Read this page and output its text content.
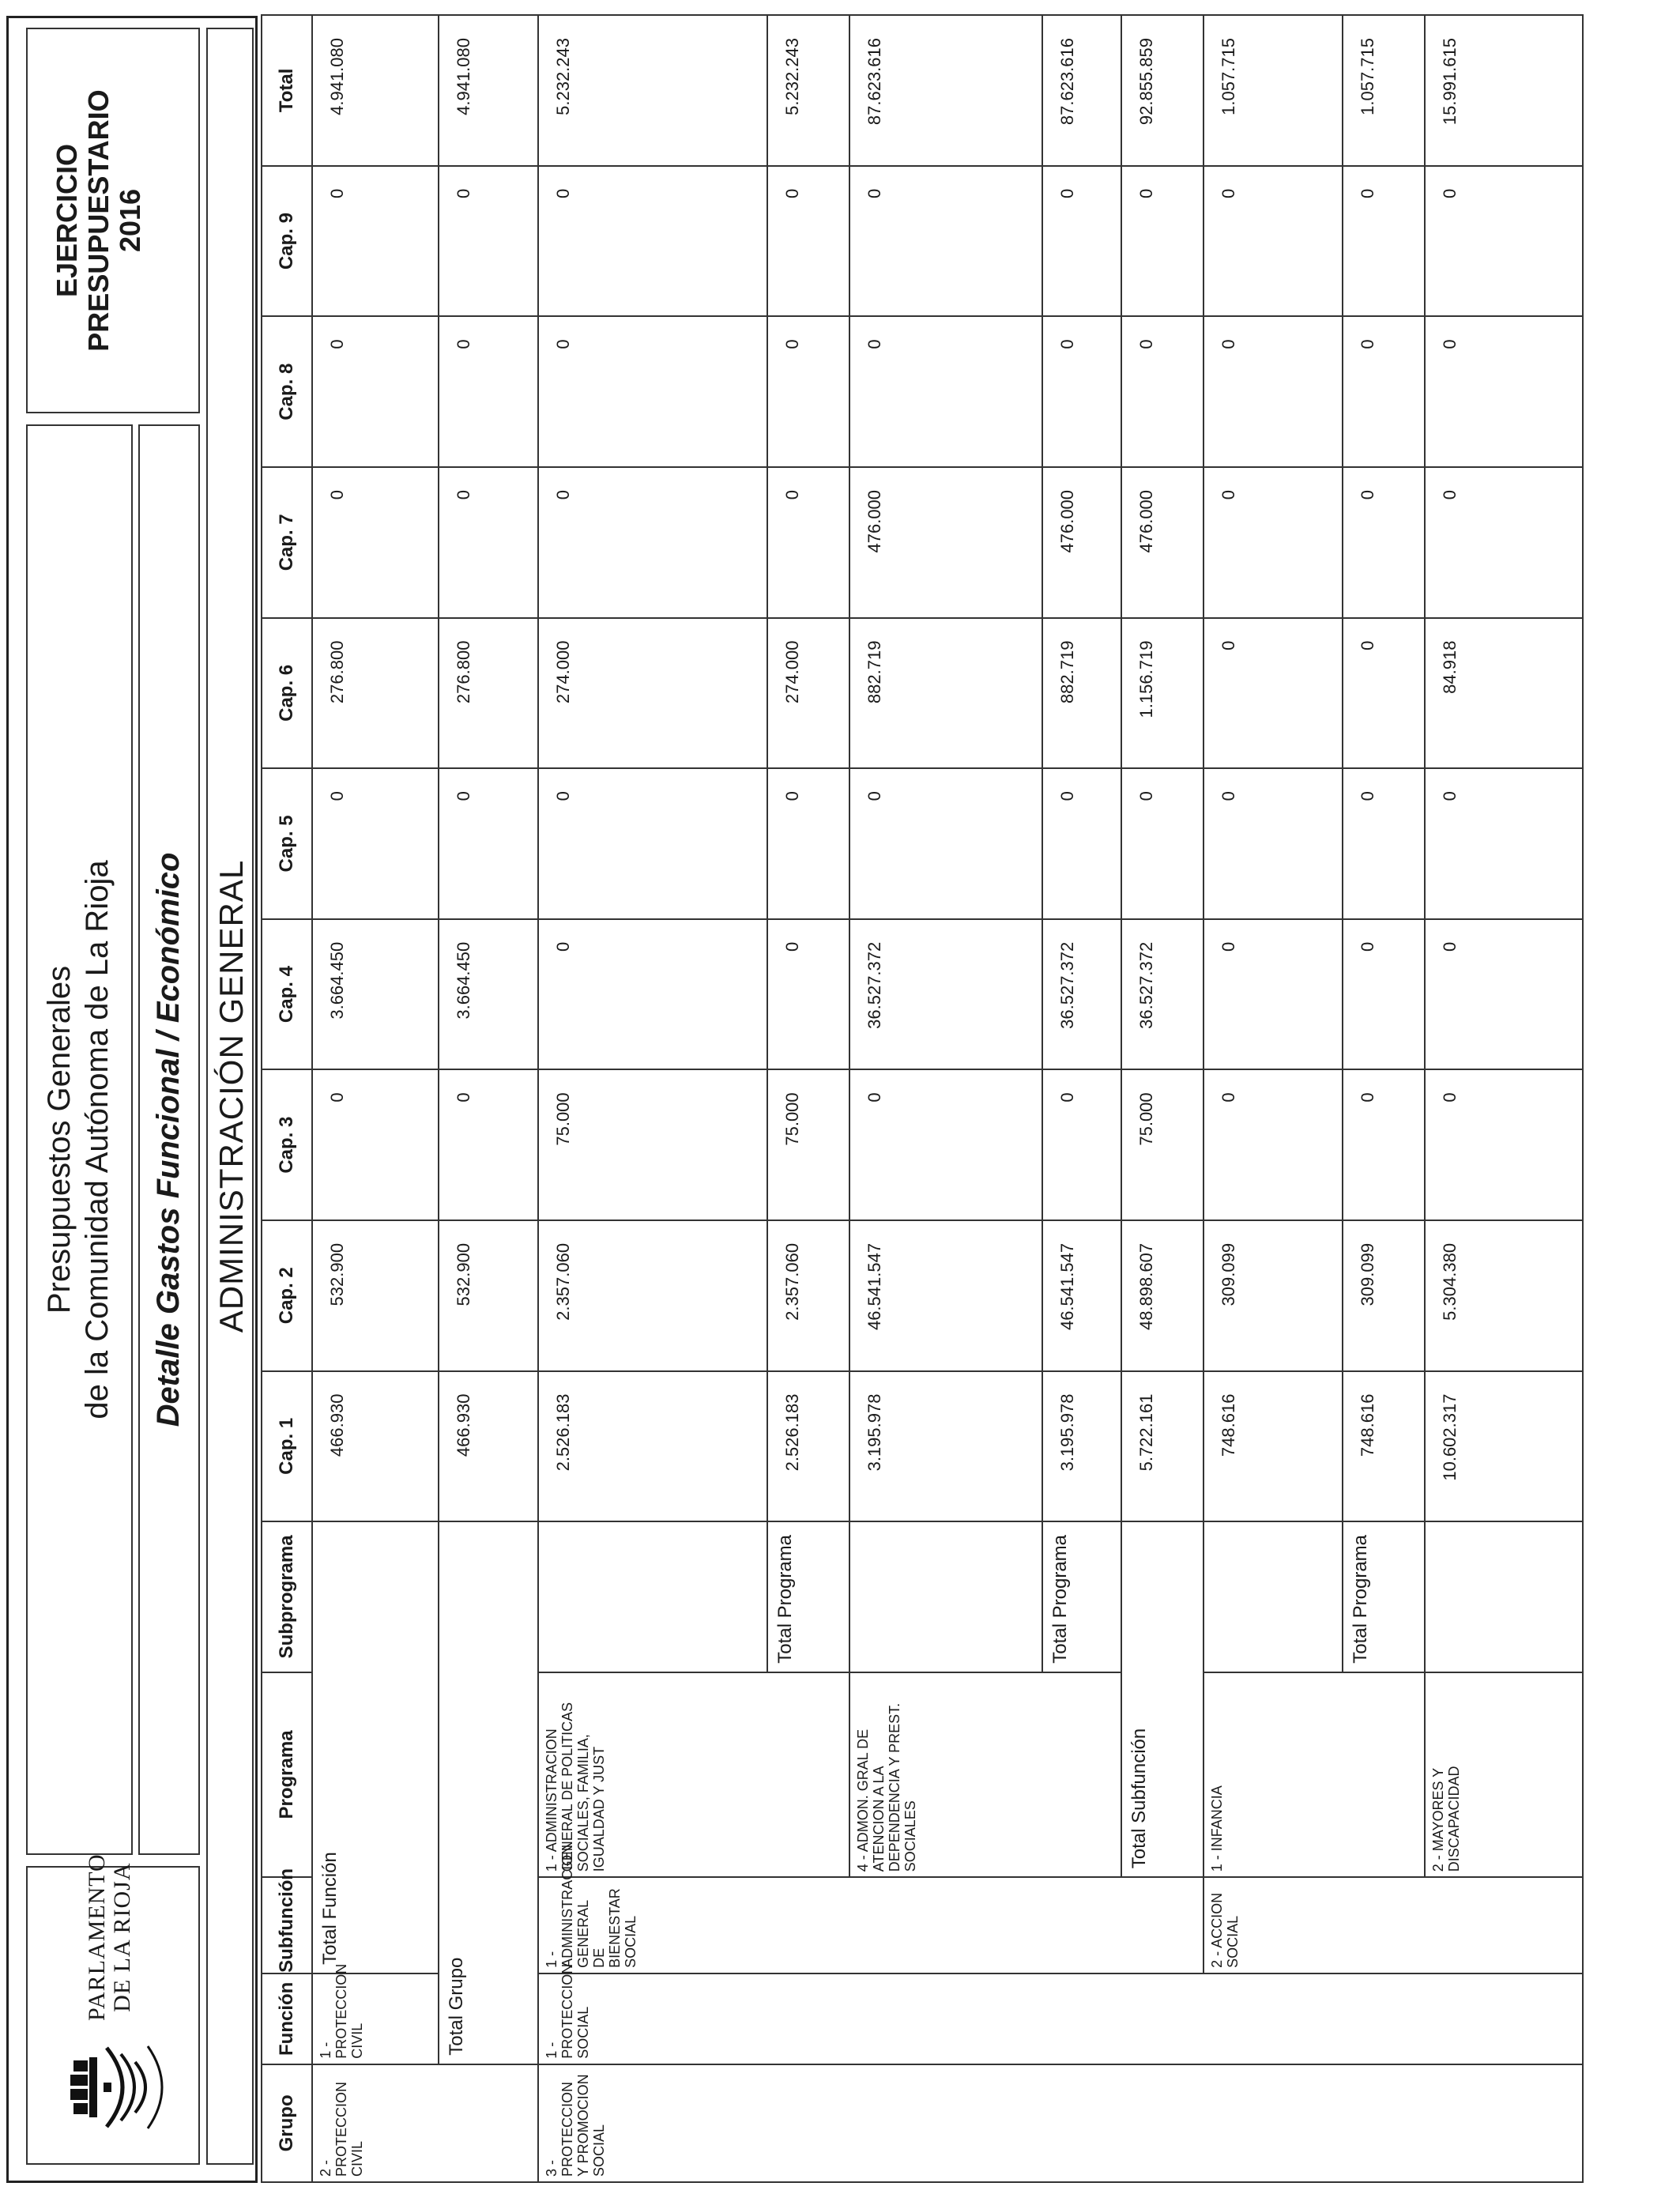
PARLAMENTO DE LA RIOJA
Presupuestos Generales de la Comunidad Autónoma de La Rioja Detalle Gastos Funcional / Económico
EJERCICIO PRESUPUESTARIO 2016
ADMINISTRACIÓN GENERAL
Grupo	Función	Subfunción	Programa	Subprograma	Cap. 1	Cap. 2	Cap. 3	Cap. 4	Cap. 5	Cap. 6	Cap. 7	Cap. 8	Cap. 9	Total
2 - PROTECCION CIVIL	1 - PROTECCION CIVIL	Total Función			466.930	532.900	0	3.664.450	0	276.800	0	0	0	4.941.080
	Total Grupo				466.930	532.900	0	3.664.450	0	276.800	0	0	0	4.941.080
3 - PROTECCION Y PROMOCION SOCIAL	1 - PROTECCION SOCIAL	1 - ADMINISTRACION GENERAL DE BIENESTAR SOCIAL	1 - ADMINISTRACION GENERAL DE POLITICAS SOCIALES, FAMILIA, IGUALDAD Y JUST		2.526.183	2.357.060	75.000	0	0	274.000	0	0	0	5.232.243
				Total Programa	2.526.183	2.357.060	75.000	0	0	274.000	0	0	0	5.232.243
			4 - ADMON. GRAL DE ATENCION A LA DEPENDENCIA Y PREST. SOCIALES		3.195.978	46.541.547	0	36.527.372	0	882.719	476.000	0	0	87.623.616
				Total Programa	3.195.978	46.541.547	0	36.527.372	0	882.719	476.000	0	0	87.623.616
			Total Subfunción		5.722.161	48.898.607	75.000	36.527.372	0	1.156.719	476.000	0	0	92.855.859
		2 - ACCION SOCIAL	1 - INFANCIA		748.616	309.099	0	0	0	0	0	0	0	1.057.715
				Total Programa	748.616	309.099	0	0	0	0	0	0	0	1.057.715
			2 - MAYORES Y DISCAPACIDAD		10.602.317	5.304.380	0	0	0	84.918	0	0	0	15.991.615
